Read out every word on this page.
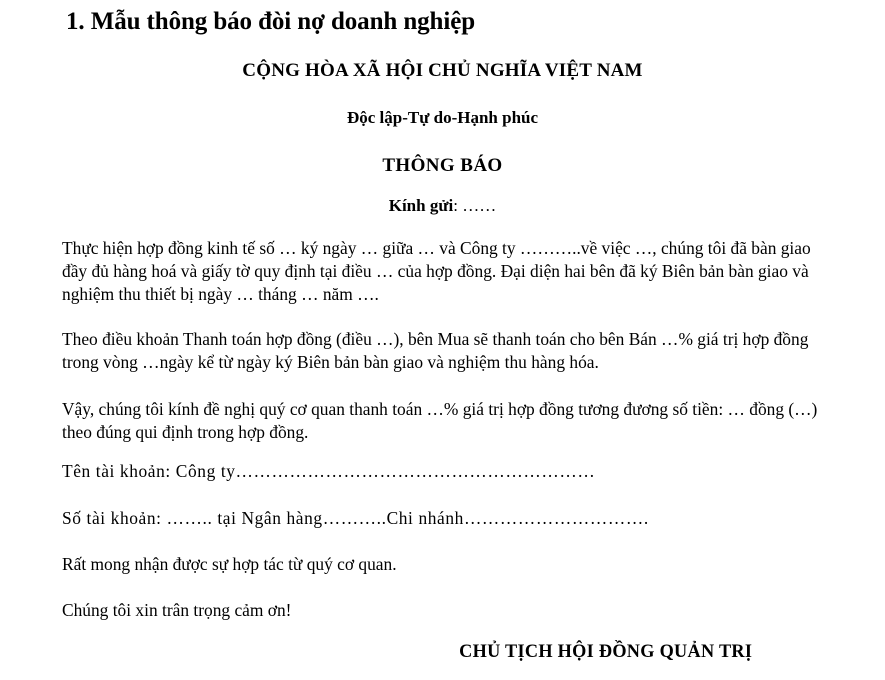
1. Mẫu thông báo đòi nợ doanh nghiệp
CỘNG HÒA XÃ HỘI CHỦ NGHĨA VIỆT NAM
Độc lập-Tự do-Hạnh phúc
THÔNG BÁO
Kính gửi: ……
Thực hiện hợp đồng kinh tế số … ký ngày … giữa … và Công ty ………..về việc …, chúng tôi đã bàn giao đầy đủ hàng hoá và giấy tờ quy định tại điều … của hợp đồng. Đại diện hai bên đã ký Biên bản bàn giao và nghiệm thu thiết bị ngày … tháng … năm ….
Theo điều khoản Thanh toán hợp đồng (điều …), bên Mua sẽ thanh toán cho bên Bán …% giá trị hợp đồng trong vòng …ngày kể từ ngày ký Biên bản bàn giao và nghiệm thu hàng hóa.
Vậy, chúng tôi kính đề nghị quý cơ quan thanh toán …% giá trị hợp đồng tương đương số tiền: … đồng (…) theo đúng qui định trong hợp đồng.
Tên tài khoản: Công ty……………………………………………………
Số tài khoản: …….. tại Ngân hàng………..Chi nhánh………………………….
Rất mong nhận được sự hợp tác từ quý cơ quan.
Chúng tôi xin trân trọng cảm ơn!
CHỦ TỊCH HỘI ĐỒNG QUẢN TRỊ
